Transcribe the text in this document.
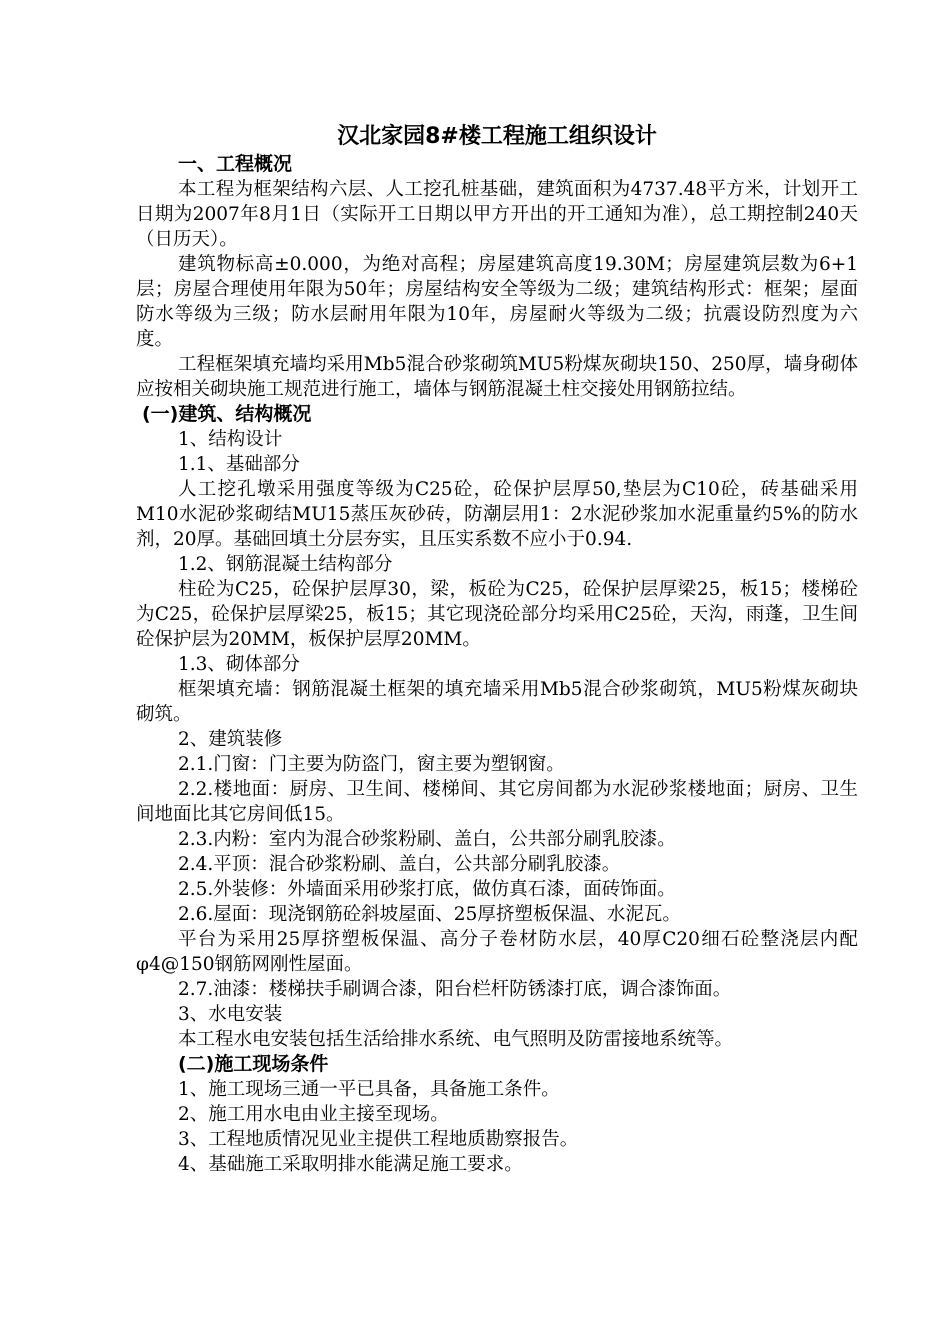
汉北家园8#楼工程施工组织设计
一、工程概况

本工程为框架结构六层、人工挖孔桩基础，建筑面积为4737.48平方米，计划开工日期为2007年8月1日（实际开工日期以甲方开出的开工通知为准），总工期控制240天（日历天）。

建筑物标高±0.000，为绝对高程；房屋建筑高度19.30M；房屋建筑层数为6+1层；房屋合理使用年限为50年；房屋结构安全等级为二级；建筑结构形式：框架；屋面防水等级为三级；防水层耐用年限为10年，房屋耐火等级为二级；抗震设防烈度为六度。

工程框架填充墙均采用Mb5混合砂浆砌筑MU5粉煤灰砌块150、250厚，墙身砌体应按相关砌块施工规范进行施工，墙体与钢筋混凝土柱交接处用钢筋拉结。

(一)建筑、结构概况
1、结构设计
1.1、基础部分

人工挖孔墩采用强度等级为C25砼，砼保护层厚50,垫层为C10砼，砖基础采用M10水泥砂浆砌结MU15蒸压灰砂砖，防潮层用1：2水泥砂浆加水泥重量约5%的防水剂，20厚。基础回填土分层夯实，且压实系数不应小于0.94.

1.2、钢筋混凝土结构部分

柱砼为C25，砼保护层厚30，梁，板砼为C25，砼保护层厚梁25，板15；楼梯砼为C25，砼保护层厚梁25，板15；其它现浇砼部分均采用C25砼，天沟，雨蓬，卫生间砼保护层为20MM，板保护层厚20MM。

1.3、砌体部分

框架填充墙：钢筋混凝土框架的填充墙采用Mb5混合砂浆砌筑，MU5粉煤灰砌块砌筑。

2、建筑装修

2.1.门窗：门主要为防盗门，窗主要为塑钢窗。

2.2.楼地面：厨房、卫生间、楼梯间、其它房间都为水泥砂浆楼地面；厨房、卫生间地面比其它房间低15。

2.3.内粉：室内为混合砂浆粉刷、盖白，公共部分刷乳胶漆。

2.4.平顶：混合砂浆粉刷、盖白，公共部分刷乳胶漆。

2.5.外装修：外墙面采用砂浆打底，做仿真石漆，面砖饰面。

2.6.屋面：现浇钢筋砼斜坡屋面、25厚挤塑板保温、水泥瓦。

平台为采用25厚挤塑板保温、高分子卷材防水层，40厚C20细石砼整浇层内配φ4@150钢筋网刚性屋面。

2.7.油漆：楼梯扶手刷调合漆，阳台栏杆防锈漆打底，调合漆饰面。

3、水电安装

本工程水电安装包括生活给排水系统、电气照明及防雷接地系统等。

(二)施工现场条件

1、施工现场三通一平已具备，具备施工条件。

2、施工用水电由业主接至现场。

3、工程地质情况见业主提供工程地质勘察报告。

4、基础施工采取明排水能满足施工要求。
